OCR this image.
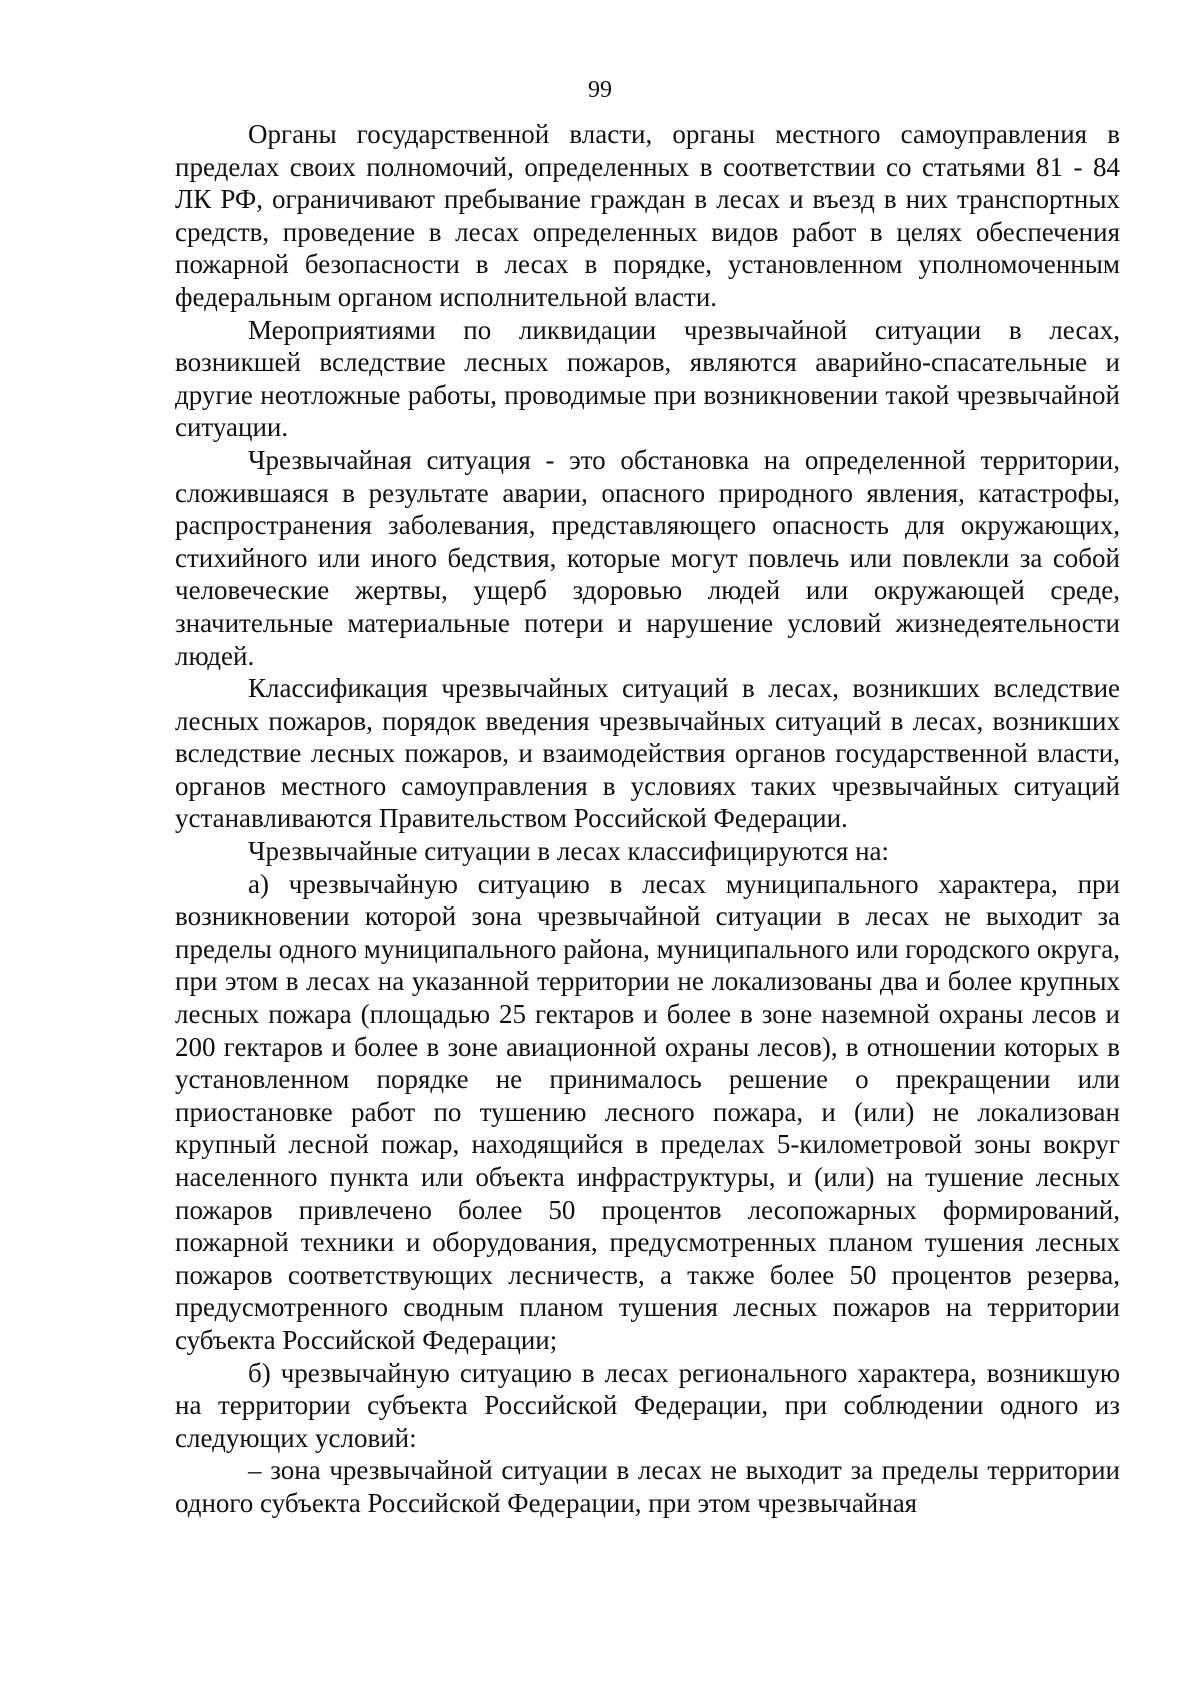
99

Органы государственной власти, органы местного самоуправления в пределах своих полномочий, определенных в соответствии со статьями 81 - 84 ЛК РФ, ограничивают пребывание граждан в лесах и въезд в них транспортных средств, проведение в лесах определенных видов работ в целях обеспечения пожарной безопасности в лесах в порядке, установленном уполномоченным федеральным органом исполнительной власти.

Мероприятиями по ликвидации чрезвычайной ситуации в лесах, возникшей вследствие лесных пожаров, являются аварийно-спасательные и другие неотложные работы, проводимые при возникновении такой чрезвычайной ситуации.

Чрезвычайная ситуация - это обстановка на определенной территории, сложившаяся в результате аварии, опасного природного явления, катастрофы, распространения заболевания, представляющего опасность для окружающих, стихийного или иного бедствия, которые могут повлечь или повлекли за собой человеческие жертвы, ущерб здоровью людей или окружающей среде, значительные материальные потери и нарушение условий жизнедеятельности людей.

Классификация чрезвычайных ситуаций в лесах, возникших вследствие лесных пожаров, порядок введения чрезвычайных ситуаций в лесах, возникших вследствие лесных пожаров, и взаимодействия органов государственной власти, органов местного самоуправления в условиях таких чрезвычайных ситуаций устанавливаются Правительством Российской Федерации.

Чрезвычайные ситуации в лесах классифицируются на:

а) чрезвычайную ситуацию в лесах муниципального характера, при возникновении которой зона чрезвычайной ситуации в лесах не выходит за пределы одного муниципального района, муниципального или городского округа, при этом в лесах на указанной территории не локализованы два и более крупных лесных пожара (площадью 25 гектаров и более в зоне наземной охраны лесов и 200 гектаров и более в зоне авиационной охраны лесов), в отношении которых в установленном порядке не принималось решение о прекращении или приостановке работ по тушению лесного пожара, и (или) не локализован крупный лесной пожар, находящийся в пределах 5-километровой зоны вокруг населенного пункта или объекта инфраструктуры, и (или) на тушение лесных пожаров привлечено более 50 процентов лесопожарных формирований, пожарной техники и оборудования, предусмотренных планом тушения лесных пожаров соответствующих лесничеств, а также более 50 процентов резерва, предусмотренного сводным планом тушения лесных пожаров на территории субъекта Российской Федерации;

б) чрезвычайную ситуацию в лесах регионального характера, возникшую на территории субъекта Российской Федерации, при соблюдении одного из следующих условий:

– зона чрезвычайной ситуации в лесах не выходит за пределы территории одного субъекта Российской Федерации, при этом чрезвычайная
